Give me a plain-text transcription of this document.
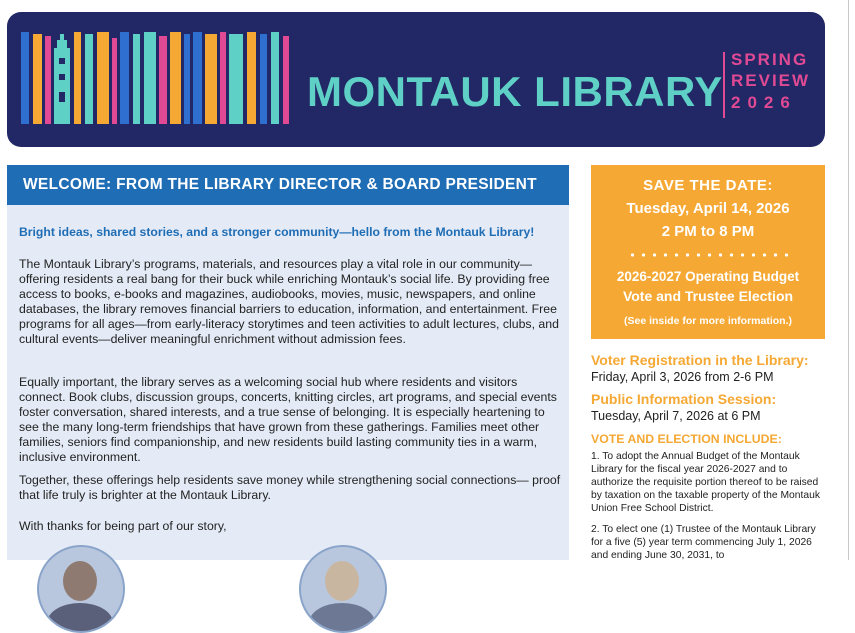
MONTAUK LIBRARY
SPRING
REVIEW
2026
WELCOME: FROM THE LIBRARY DIRECTOR & BOARD PRESIDENT
Bright ideas, shared stories, and a stronger community—hello from the Montauk Library!

The Montauk Library’s programs, materials, and resources play a vital role in our community—offering residents a real bang for their buck while enriching Montauk’s social life. By providing free access to books, e-books and magazines, audiobooks, movies, music, newspapers, and online databases, the library removes financial barriers to education, information, and entertainment. Free programs for all ages—from early-literacy storytimes and teen activities to adult lectures, clubs, and cultural events—deliver meaningful enrichment without admission fees.

Equally important, the library serves as a welcoming social hub where residents and visitors connect. Book clubs, discussion groups, concerts, knitting circles, art programs, and special events foster conversation, shared interests, and a true sense of belonging. It is especially heartening to see the many long-term friendships that have grown from these gatherings. Families meet other families, seniors find companionship, and new residents build lasting community ties in a warm, inclusive environment.

Together, these offerings help residents save money while strengthening social connections— proof that life truly is brighter at the Montauk Library.

With thanks for being part of our story,

SAVE THE DATE:
Tuesday, April 14, 2026
2 PM to 8 PM
2026-2027 Operating Budget
Vote and Trustee Election
(See inside for more information.)
Voter Registration in the Library:
Friday, April 3, 2026 from 2-6 PM
Public Information Session:
Tuesday, April 7, 2026 at 6 PM
VOTE AND ELECTION INCLUDE:

1. To adopt the Annual Budget of the Montauk Library for the fiscal year 2026-2027 and to authorize the requisite portion thereof to be raised by taxation on the taxable property of the Montauk Union Free School District.

2. To elect one (1) Trustee of the Montauk Library for a five (5) year term commencing July 1, 2026 and ending June 30, 2031, to
